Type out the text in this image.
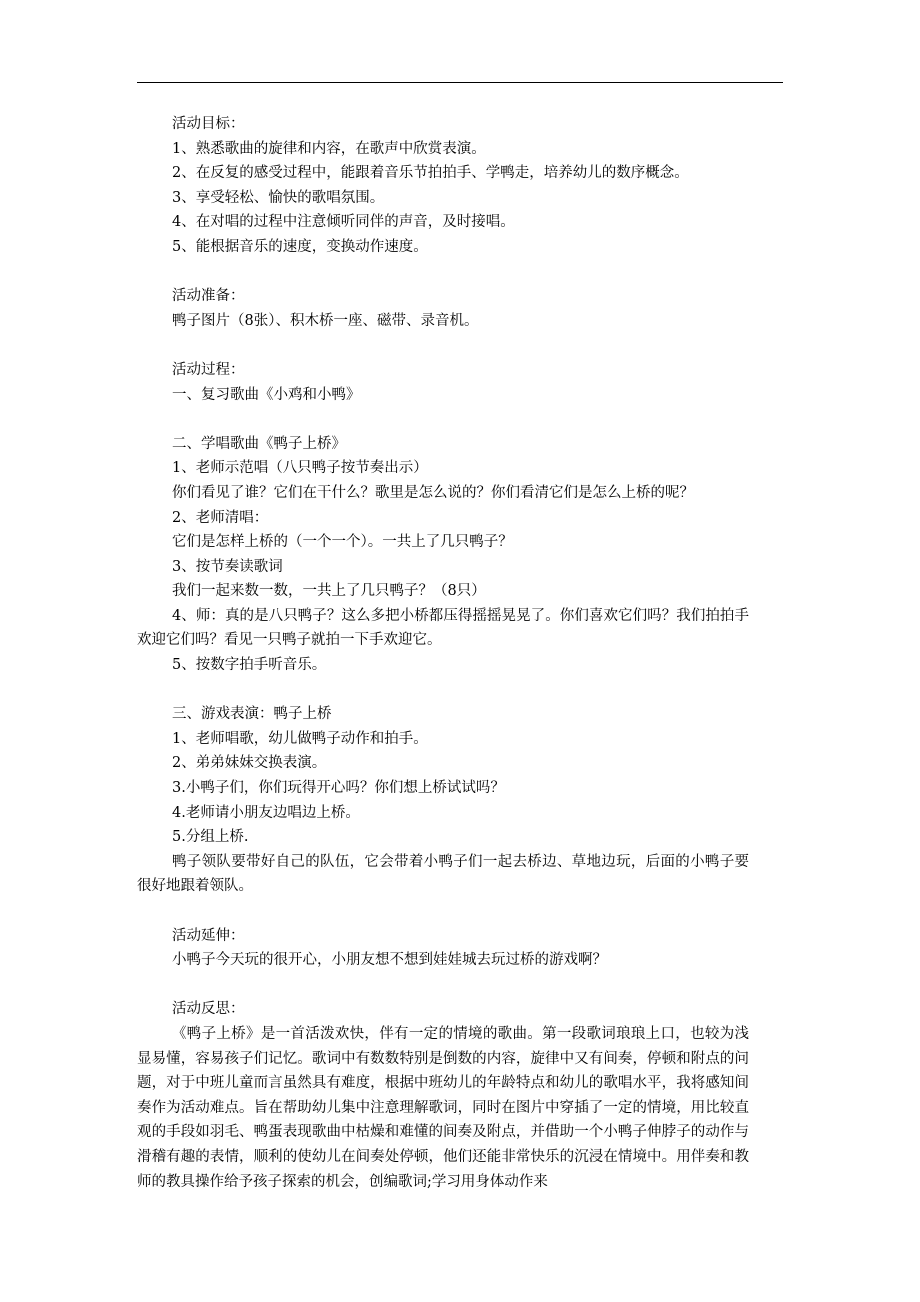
活动目标：
1、熟悉歌曲的旋律和内容，在歌声中欣赏表演。
2、在反复的感受过程中，能跟着音乐节拍拍手、学鸭走，培养幼儿的数序概念。
3、享受轻松、愉快的歌唱氛围。
4、在对唱的过程中注意倾听同伴的声音，及时接唱。
5、能根据音乐的速度，变换动作速度。
活动准备：
鸭子图片（8张）、积木桥一座、磁带、录音机。
活动过程：
一、复习歌曲《小鸡和小鸭》
二、学唱歌曲《鸭子上桥》
1、老师示范唱（八只鸭子按节奏出示）
你们看见了谁？它们在干什么？歌里是怎么说的？你们看清它们是怎么上桥的呢？
2、老师清唱：
它们是怎样上桥的（一个一个）。一共上了几只鸭子？
3、按节奏读歌词
我们一起来数一数，一共上了几只鸭子？（8只）
4、师：真的是八只鸭子？这么多把小桥都压得摇摇晃晃了。你们喜欢它们吗？我们拍拍手欢迎它们吗？看见一只鸭子就拍一下手欢迎它。
5、按数字拍手听音乐。
三、游戏表演：鸭子上桥
1、老师唱歌，幼儿做鸭子动作和拍手。
2、弟弟妹妹交换表演。
3.小鸭子们，你们玩得开心吗？你们想上桥试试吗？
4.老师请小朋友边唱边上桥。
5.分组上桥.
鸭子领队要带好自己的队伍，它会带着小鸭子们一起去桥边、草地边玩，后面的小鸭子要很好地跟着领队。
活动延伸：
小鸭子今天玩的很开心，小朋友想不想到娃娃城去玩过桥的游戏啊？
活动反思：
《鸭子上桥》是一首活泼欢快，伴有一定的情境的歌曲。第一段歌词琅琅上口，也较为浅显易懂，容易孩子们记忆。歌词中有数数特别是倒数的内容，旋律中又有间奏，停顿和附点的问题，对于中班儿童而言虽然具有难度，根据中班幼儿的年龄特点和幼儿的歌唱水平，我将感知间奏作为活动难点。旨在帮助幼儿集中注意理解歌词，同时在图片中穿插了一定的情境，用比较直观的手段如羽毛、鸭蛋表现歌曲中枯燥和难懂的间奏及附点，并借助一个小鸭子伸脖子的动作与滑稽有趣的表情，顺利的使幼儿在间奏处停顿，他们还能非常快乐的沉浸在情境中。用伴奏和教师的教具操作给予孩子探索的机会，创编歌词;学习用身体动作来
